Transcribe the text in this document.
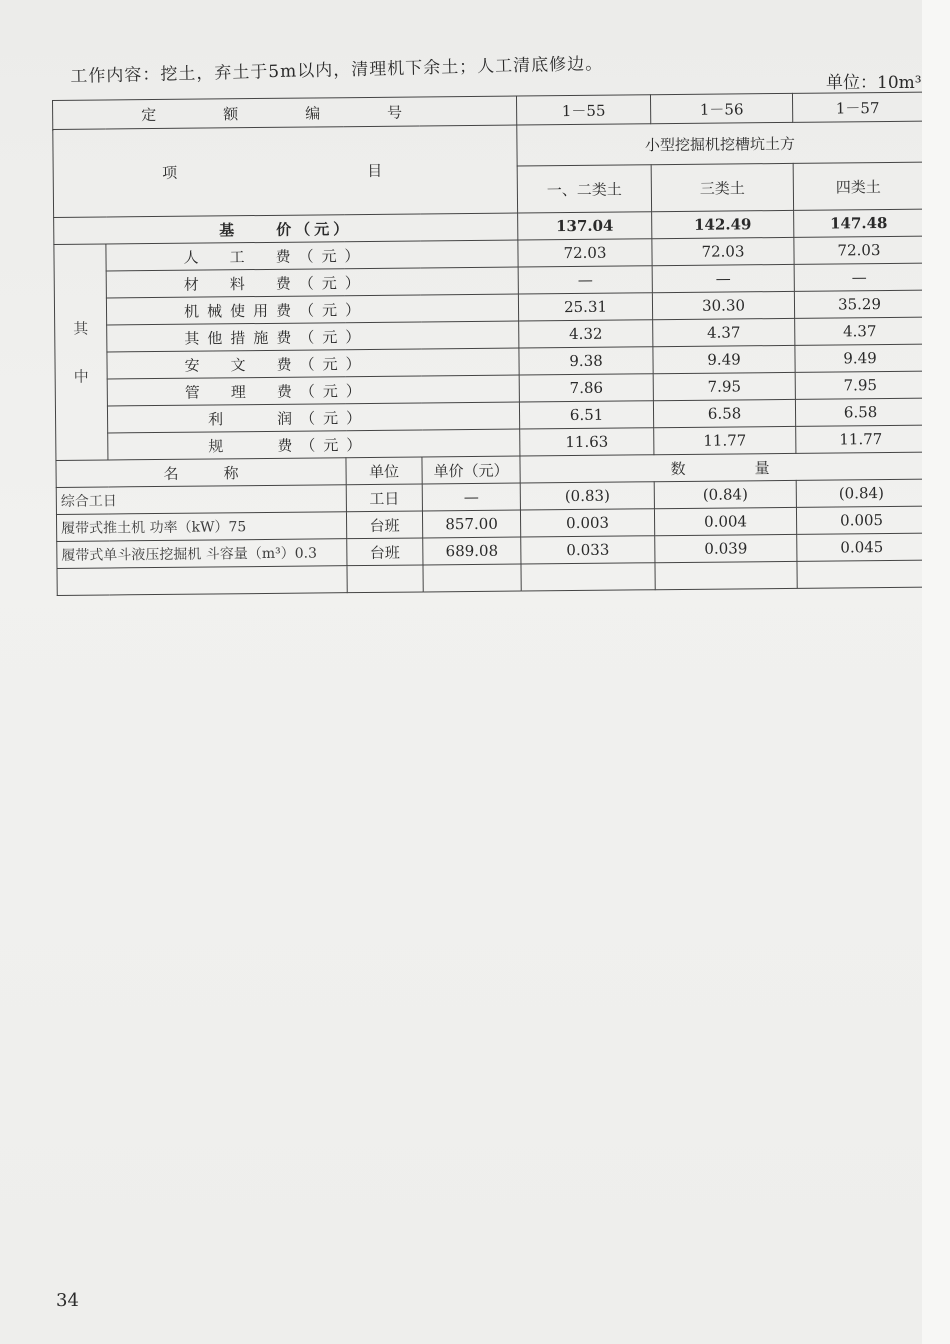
工作内容：挖土，弃土于5m以内，清理机下余土；人工清底修边。	单位：10m³
定　额　编　号				1－55	1－56	1－57
				小型挖掘机挖槽坑土方		
项　　　　目						
				一、二类土	三类土	四类土
基　　价（元）				137.04	142.49	147.48
其
中	人　工　费（元）			72.03	72.03	72.03
	材　料　费（元）			—	—	—
	机械使用费（元）			25.31	30.30	35.29
	其他措施费（元）			4.32	4.37	4.37
	安　文　费（元）			9.38	9.49	9.49
	管　理　费（元）			7.86	7.95	7.95
	利　　润（元）			6.51	6.58	6.58
	规　　费（元）			11.63	11.77	11.77
名　　　称		单位	单价（元）	数　　　量		
综合工日		工日	—	(0.83)	(0.84)	(0.84)
履带式推土机 功率（kW）75		台班	857.00	0.003	0.004	0.005
履带式单斗液压挖掘机 斗容量（m³）0.3		台班	689.08	0.033	0.039	0.045

34
